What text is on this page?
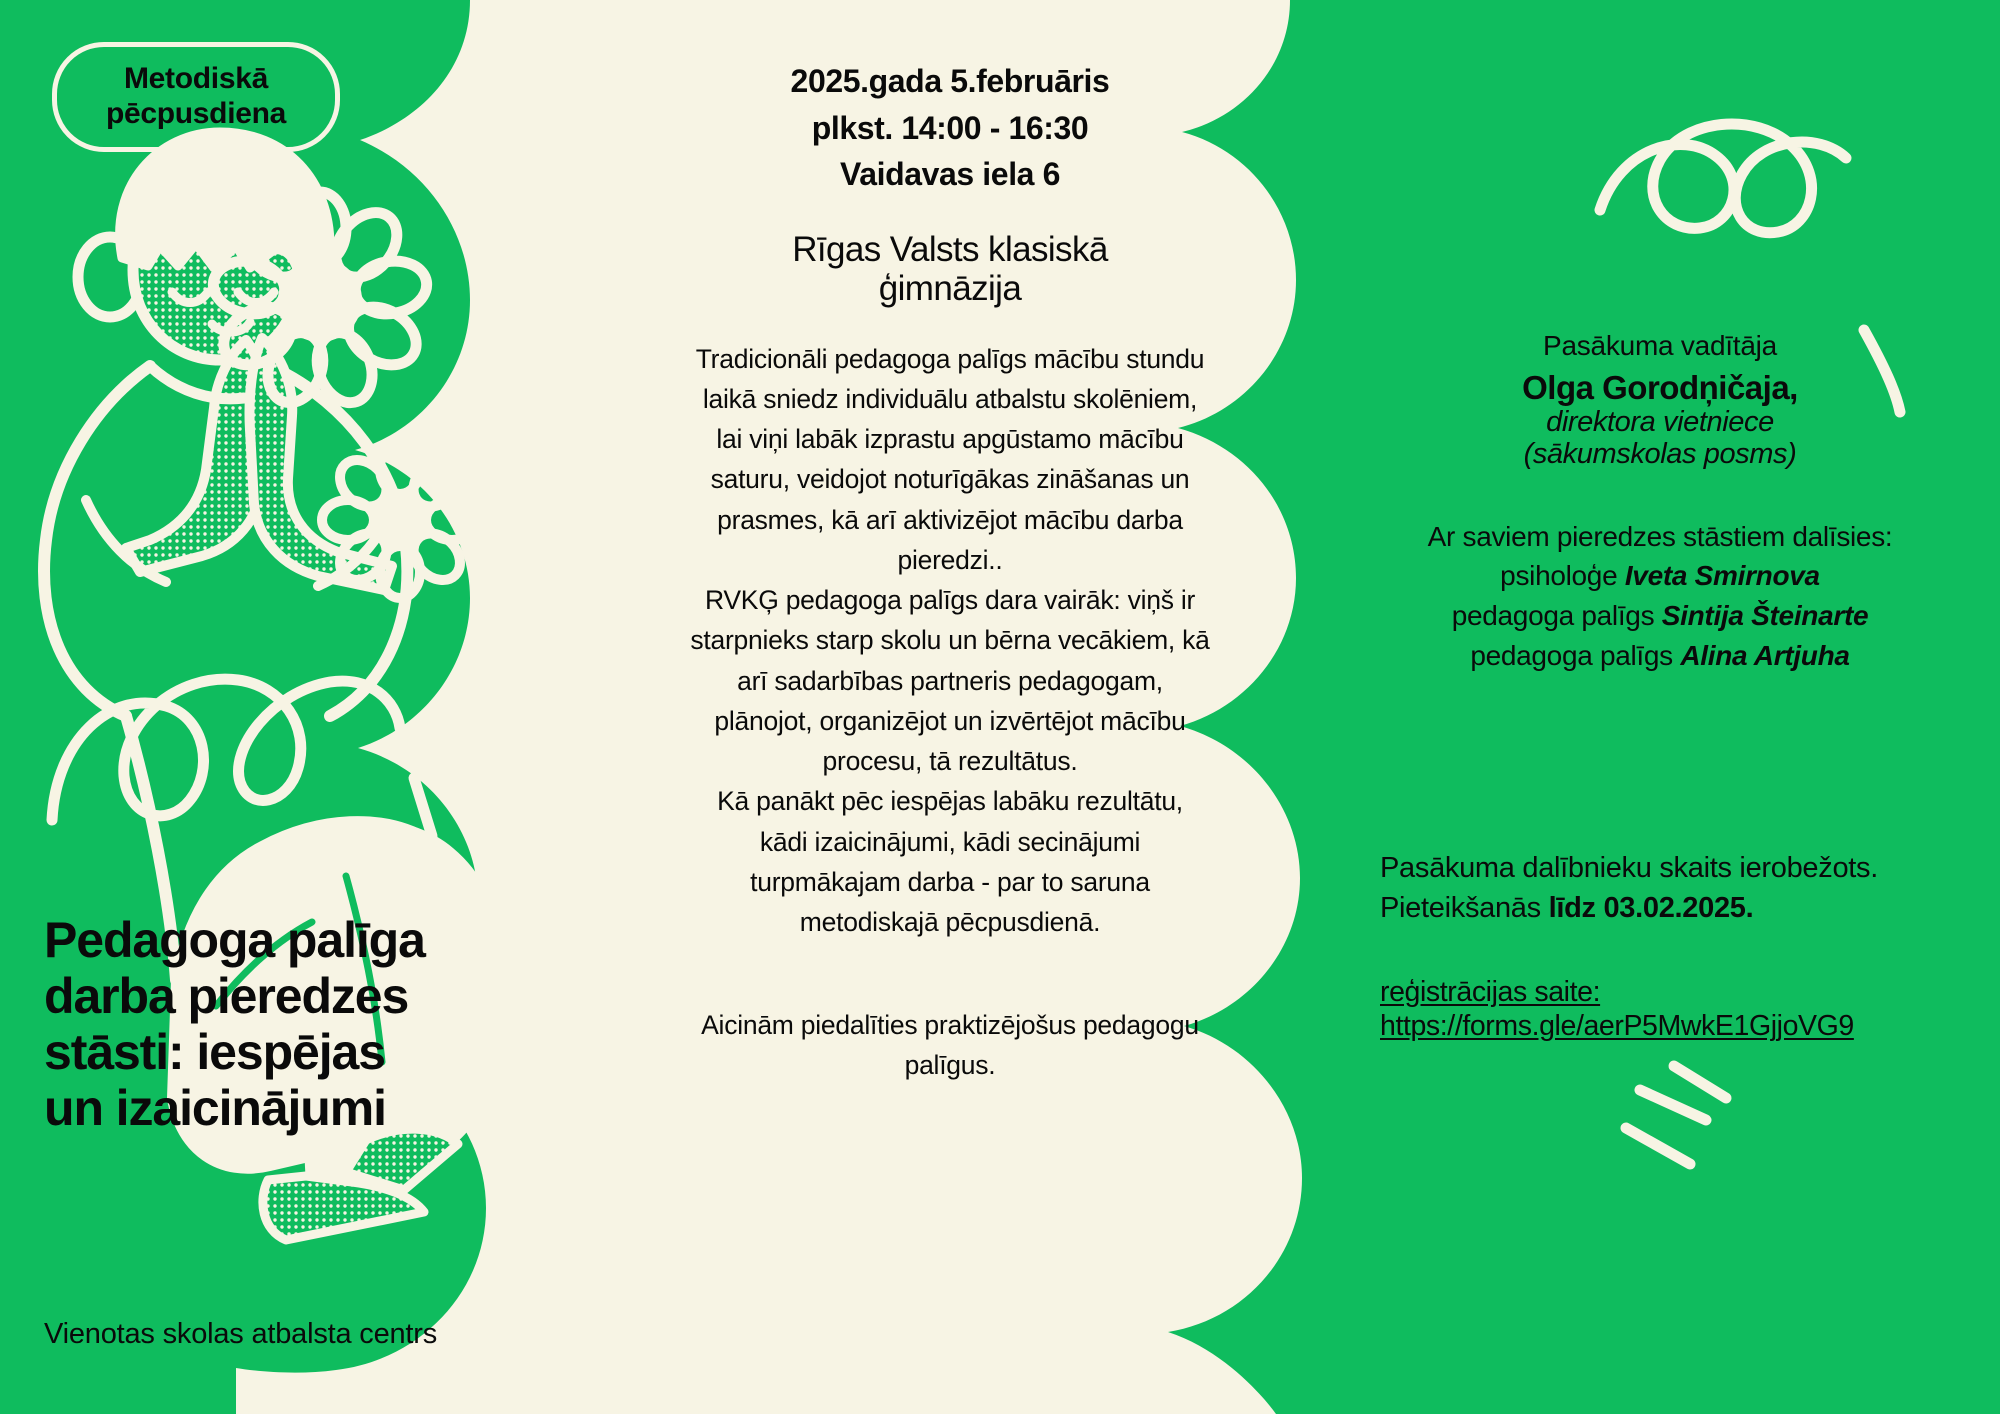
Metodiskā
pēcpusdiena
2025.gada 5.februāris
plkst. 14:00 - 16:30
Vaidavas iela 6
Rīgas Valsts klasiskā
ģimnāzija

Tradicionāli pedagoga palīgs mācību stundu laikā sniedz individuālu atbalstu skolēniem, lai viņi labāk izprastu apgūstamo mācību saturu, veidojot noturīgākas zināšanas un prasmes, kā arī aktivizējot mācību darba pieredzi..

RVKĢ pedagoga palīgs dara vairāk: viņš ir starpnieks starp skolu un bērna vecākiem, kā arī sadarbības partneris pedagogam, plānojot, organizējot un izvērtējot mācību procesu, tā rezultātus.

Kā panākt pēc iespējas labāku rezultātu, kādi izaicinājumi, kādi secinājumi turpmākajam darba - par to saruna metodiskajā pēcpusdienā.

Aicinām piedalīties praktizējošus pedagogu palīgus.
Pedagoga palīga
darba pieredzes
stāsti: iespējas
un izaicinājumi
Vienotas skolas atbalsta centrs
Pasākuma vadītāja
Olga Gorodņičaja,
direktora vietniece
(sākumskolas posms)
Ar saviem pieredzes stāstiem dalīsies:
psiholoģe Iveta Smirnova
pedagoga palīgs Sintija Šteinarte
pedagoga palīgs Alina Artjuha
Pasākuma dalībnieku skaits ierobežots.
Pieteikšanās līdz 03.02.2025.
reģistrācijas saite:
https://forms.gle/aerP5MwkE1GjjoVG9
